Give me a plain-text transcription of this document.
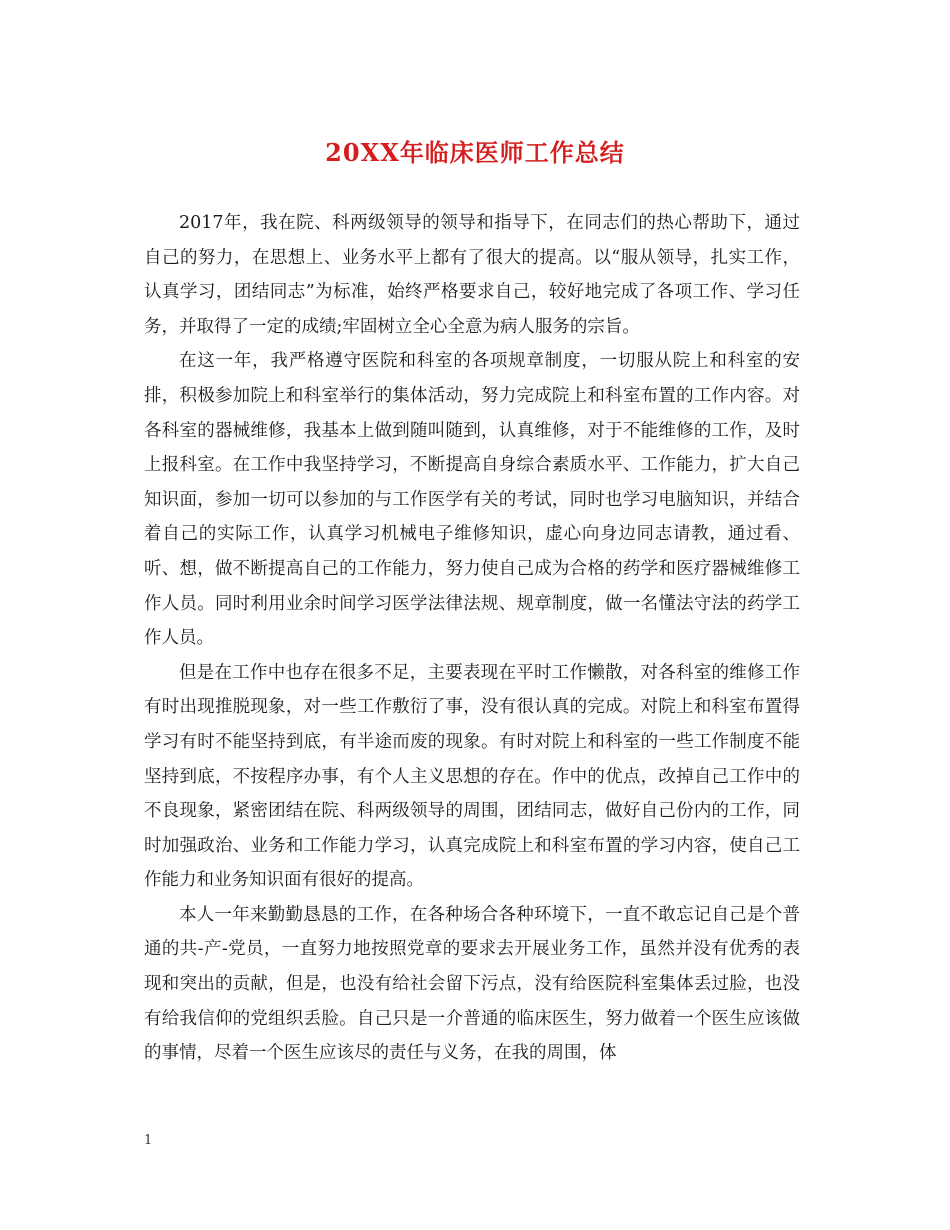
20XX年临床医师工作总结

2017年，我在院、科两级领导的领导和指导下，在同志们的热心帮助下，通过自己的努力，在思想上、业务水平上都有了很大的提高。以“服从领导，扎实工作，认真学习，团结同志”为标准，始终严格要求自己，较好地完成了各项工作、学习任务，并取得了一定的成绩;牢固树立全心全意为病人服务的宗旨。

在这一年，我严格遵守医院和科室的各项规章制度，一切服从院上和科室的安排，积极参加院上和科室举行的集体活动，努力完成院上和科室布置的工作内容。对各科室的器械维修，我基本上做到随叫随到，认真维修，对于不能维修的工作，及时上报科室。在工作中我坚持学习，不断提高自身综合素质水平、工作能力，扩大自己知识面，参加一切可以参加的与工作医学有关的考试，同时也学习电脑知识，并结合着自己的实际工作，认真学习机械电子维修知识，虚心向身边同志请教，通过看、听、想，做不断提高自己的工作能力，努力使自己成为合格的药学和医疗器械维修工作人员。同时利用业余时间学习医学法律法规、规章制度，做一名懂法守法的药学工作人员。

但是在工作中也存在很多不足，主要表现在平时工作懒散，对各科室的维修工作有时出现推脱现象，对一些工作敷衍了事，没有很认真的完成。对院上和科室布置得学习有时不能坚持到底，有半途而废的现象。有时对院上和科室的一些工作制度不能坚持到底，不按程序办事，有个人主义思想的存在。作中的优点，改掉自己工作中的不良现象，紧密团结在院、科两级领导的周围，团结同志，做好自己份内的工作，同时加强政治、业务和工作能力学习，认真完成院上和科室布置的学习内容，使自己工作能力和业务知识面有很好的提高。

本人一年来勤勤恳恳的工作，在各种场合各种环境下，一直不敢忘记自己是个普通的共-产-党员，一直努力地按照党章的要求去开展业务工作，虽然并没有优秀的表现和突出的贡献，但是，也没有给社会留下污点，没有给医院科室集体丢过脸，也没有给我信仰的党组织丢脸。自己只是一介普通的临床医生，努力做着一个医生应该做的事情，尽着一个医生应该尽的责任与义务，在我的周围，体

1
